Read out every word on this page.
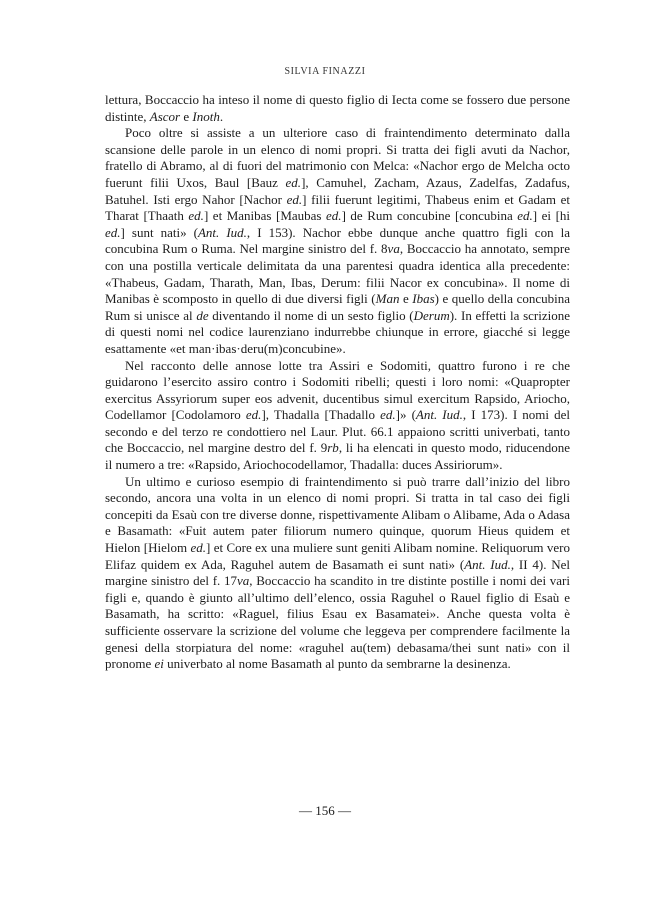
SILVIA FINAZZI

lettura, Boccaccio ha inteso il nome di questo figlio di Iecta come se fossero due persone distinte, Ascor e Inoth.

Poco oltre si assiste a un ulteriore caso di fraintendimento determinato dalla scansione delle parole in un elenco di nomi propri. Si tratta dei figli avuti da Nachor, fratello di Abramo, al di fuori del matrimonio con Melca: «Nachor ergo de Melcha octo fuerunt filii Uxos, Baul [Bauz ed.], Camuhel, Zacham, Azaus, Zadelfas, Zadafus, Batuhel. Isti ergo Nahor [Nachor ed.] filii fuerunt legitimi, Thabeus enim et Gadam et Tharat [Thaath ed.] et Manibas [Maubas ed.] de Rum concubine [concubina ed.] ei [hi ed.] sunt nati» (Ant. Iud., I 153). Nachor ebbe dunque anche quattro figli con la concubina Rum o Ruma. Nel margine sinistro del f. 8va, Boccaccio ha annotato, sempre con una postilla verticale delimitata da una parentesi quadra identica alla precedente: «Thabeus, Gadam, Tharath, Man, Ibas, Derum: filii Nacor ex concubina». Il nome di Manibas è scomposto in quello di due diversi figli (Man e Ibas) e quello della concubina Rum si unisce al de diventando il nome di un sesto figlio (Derum). In effetti la scrizione di questi nomi nel codice laurenziano indurrebbe chiunque in errore, giacché si legge esattamente «et man·ibas·deru(m)concubine».

Nel racconto delle annose lotte tra Assiri e Sodomiti, quattro furono i re che guidarono l’esercito assiro contro i Sodomiti ribelli; questi i loro nomi: «Quapropter exercitus Assyriorum super eos advenit, ducentibus simul exercitum Rapsido, Ariocho, Codellamor [Codolamoro ed.], Thadalla [Thadallo ed.]» (Ant. Iud., I 173). I nomi del secondo e del terzo re condottiero nel Laur. Plut. 66.1 appaiono scritti univerbati, tanto che Boccaccio, nel margine destro del f. 9rb, li ha elencati in questo modo, riducendone il numero a tre: «Rapsido, Ariochocodellamor, Thadalla: duces Assiriorum».

Un ultimo e curioso esempio di fraintendimento si può trarre dall’inizio del libro secondo, ancora una volta in un elenco di nomi propri. Si tratta in tal caso dei figli concepiti da Esaù con tre diverse donne, rispettivamente Alibam o Alibame, Ada o Adasa e Basamath: «Fuit autem pater filiorum numero quinque, quorum Hieus quidem et Hielon [Hielom ed.] et Core ex una muliere sunt geniti Alibam nomine. Reliquorum vero Elifaz quidem ex Ada, Raguhel autem de Basamath ei sunt nati» (Ant. Iud., II 4). Nel margine sinistro del f. 17va, Boccaccio ha scandito in tre distinte postille i nomi dei vari figli e, quando è giunto all’ultimo dell’elenco, ossia Raguhel o Rauel figlio di Esaù e Basamath, ha scritto: «Raguel, filius Esau ex Basamatei». Anche questa volta è sufficiente osservare la scrizione del volume che leggeva per comprendere facilmente la genesi della storpiatura del nome: «raguhel au(tem) debasama/thei sunt nati» con il pronome ei univerbato al nome Basamath al punto da sembrarne la desinenza.

— 156 —
